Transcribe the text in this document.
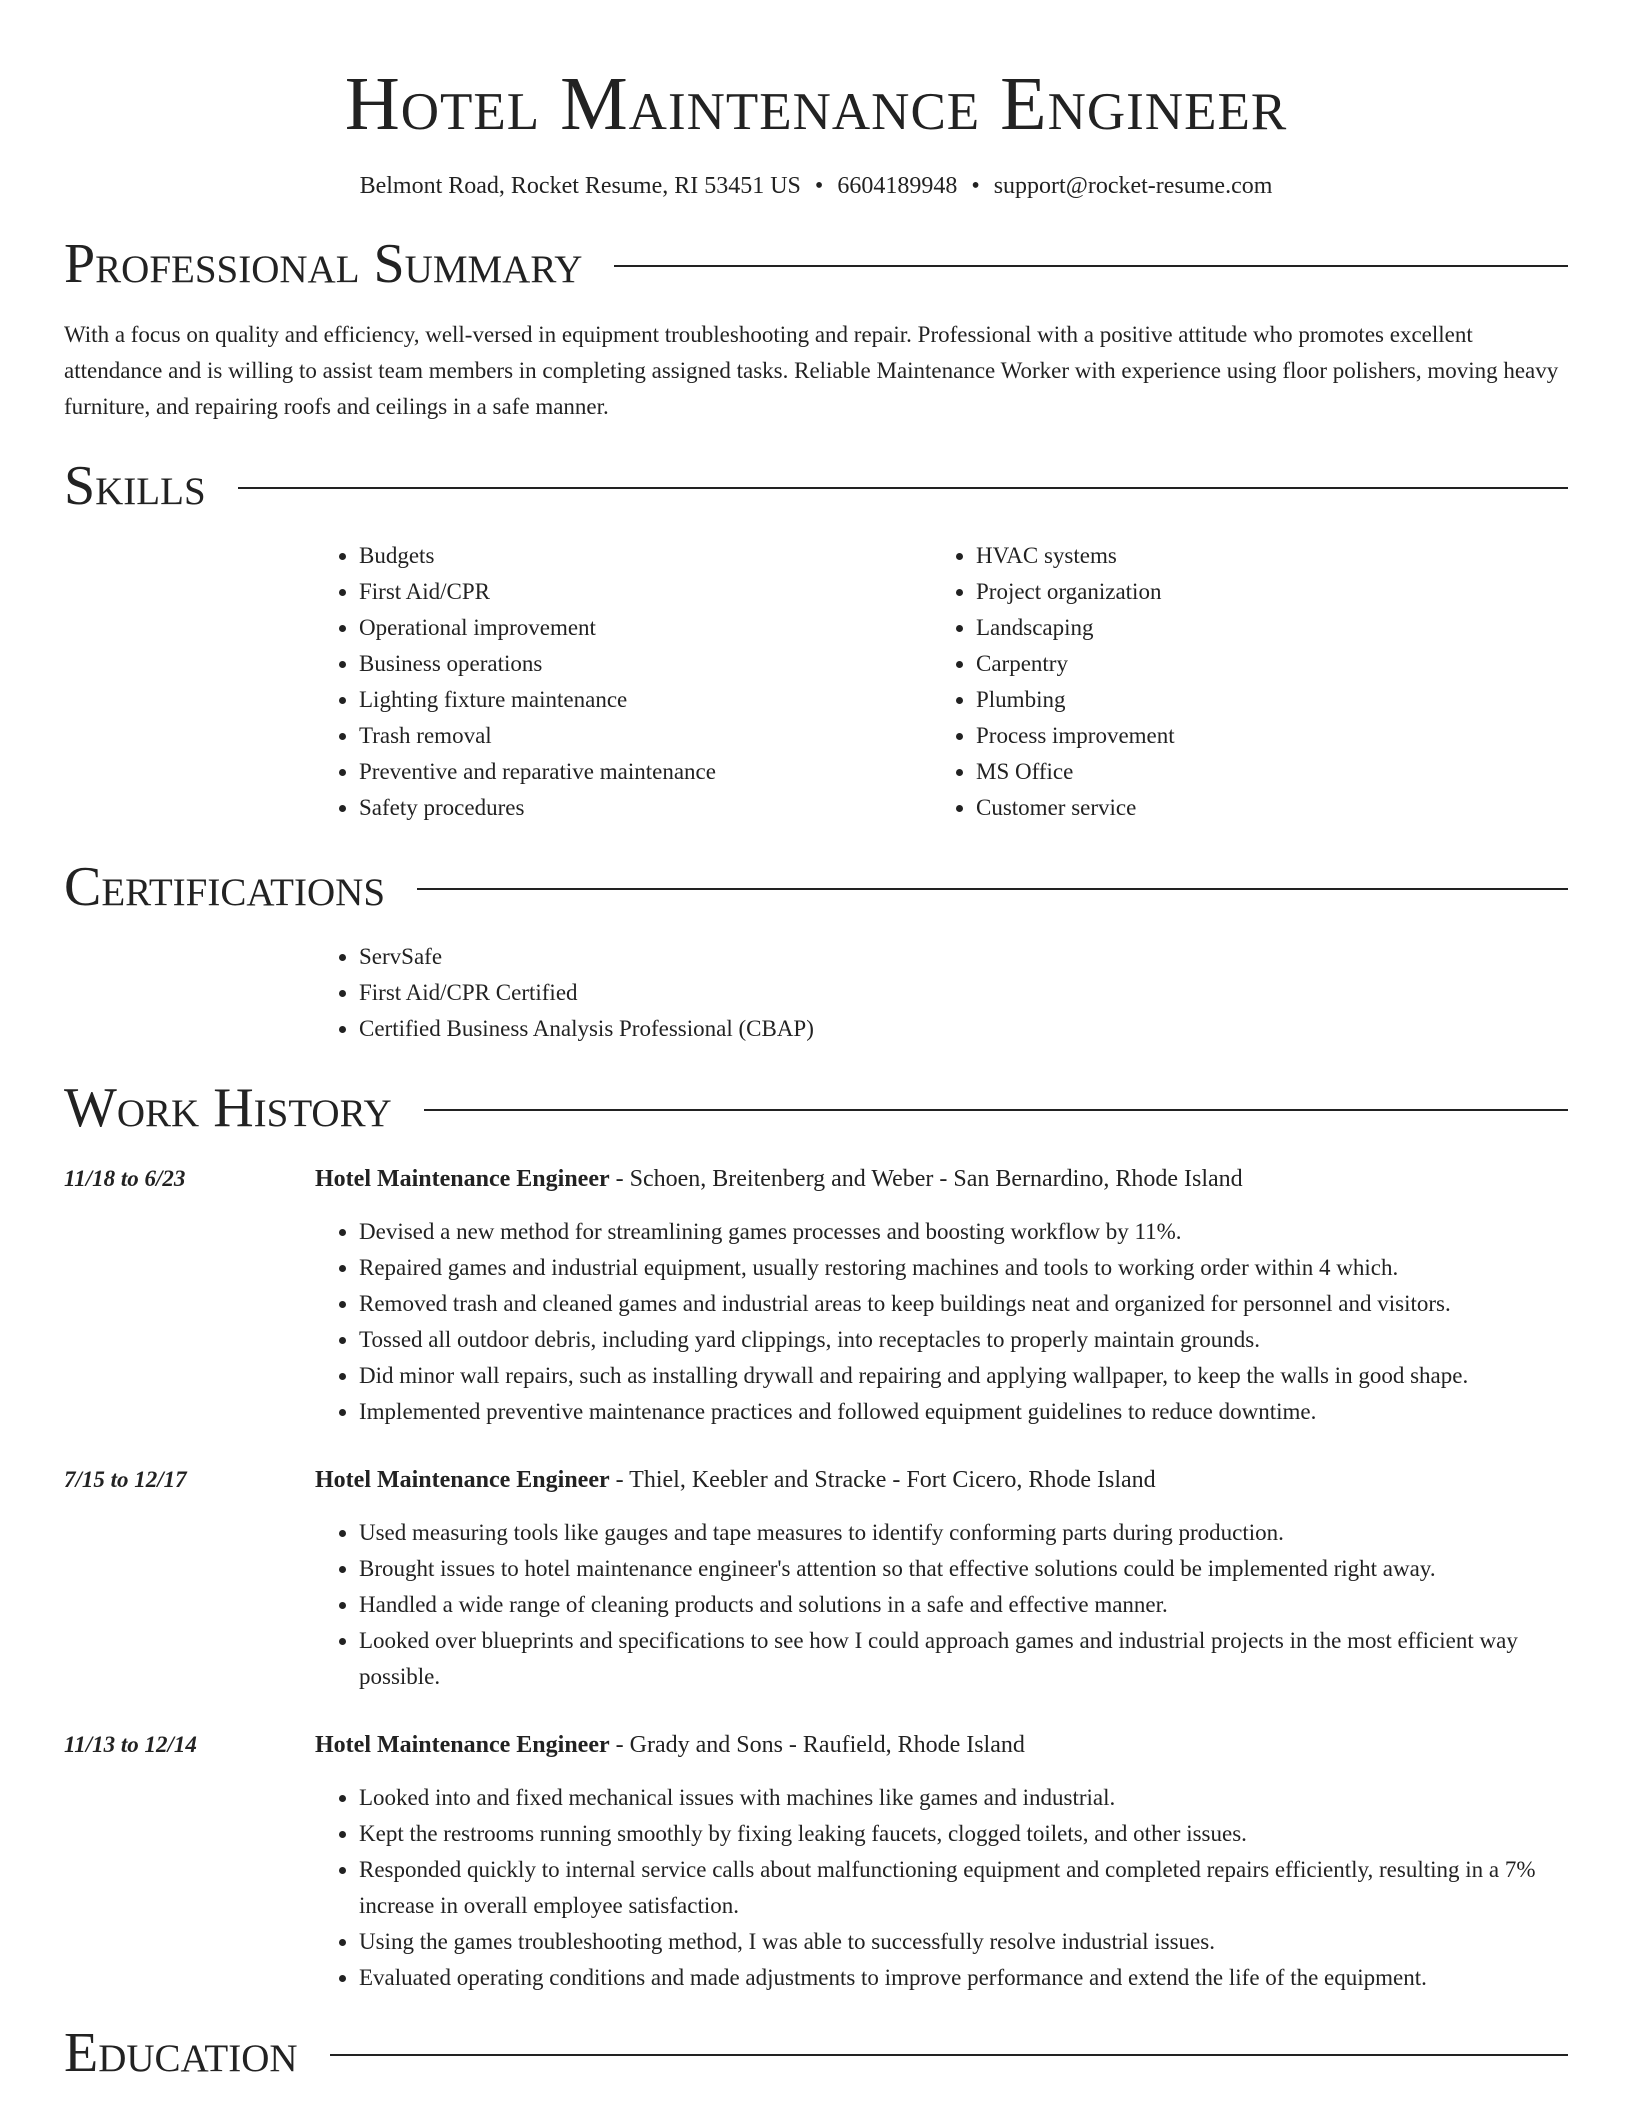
Hotel Maintenance Engineer
Belmont Road, Rocket Resume, RI 53451 US • 6604189948 • support@rocket-resume.com
Professional Summary

With a focus on quality and efficiency, well-versed in equipment troubleshooting and repair. Professional with a positive attitude who promotes excellent attendance and is willing to assist team members in completing assigned tasks. Reliable Maintenance Worker with experience using floor polishers, moving heavy furniture, and repairing roofs and ceilings in a safe manner.

Skills
• Budgets
• First Aid/CPR
• Operational improvement
• Business operations
• Lighting fixture maintenance
• Trash removal
• Preventive and reparative maintenance
• Safety procedures
• HVAC systems
• Project organization
• Landscaping
• Carpentry
• Plumbing
• Process improvement
• MS Office
• Customer service
Certifications
• ServSafe
• First Aid/CPR Certified
• Certified Business Analysis Professional (CBAP)
Work History
11/18 to 6/23	Hotel Maintenance Engineer - Schoen, Breitenberg and Weber - San Bernardino, Rhode Island
• Devised a new method for streamlining games processes and boosting workflow by 11%.
• Repaired games and industrial equipment, usually restoring machines and tools to working order within 4 which.
• Removed trash and cleaned games and industrial areas to keep buildings neat and organized for personnel and visitors.
• Tossed all outdoor debris, including yard clippings, into receptacles to properly maintain grounds.
• Did minor wall repairs, such as installing drywall and repairing and applying wallpaper, to keep the walls in good shape.
• Implemented preventive maintenance practices and followed equipment guidelines to reduce downtime.
7/15 to 12/17	Hotel Maintenance Engineer - Thiel, Keebler and Stracke - Fort Cicero, Rhode Island
• Used measuring tools like gauges and tape measures to identify conforming parts during production.
• Brought issues to hotel maintenance engineer's attention so that effective solutions could be implemented right away.
• Handled a wide range of cleaning products and solutions in a safe and effective manner.
• Looked over blueprints and specifications to see how I could approach games and industrial projects in the most efficient way possible.
11/13 to 12/14	Hotel Maintenance Engineer - Grady and Sons - Raufield, Rhode Island
• Looked into and fixed mechanical issues with machines like games and industrial.
• Kept the restrooms running smoothly by fixing leaking faucets, clogged toilets, and other issues.
• Responded quickly to internal service calls about malfunctioning equipment and completed repairs efficiently, resulting in a 7% increase in overall employee satisfaction.
• Using the games troubleshooting method, I was able to successfully resolve industrial issues.
• Evaluated operating conditions and made adjustments to improve performance and extend the life of the equipment.
Education
